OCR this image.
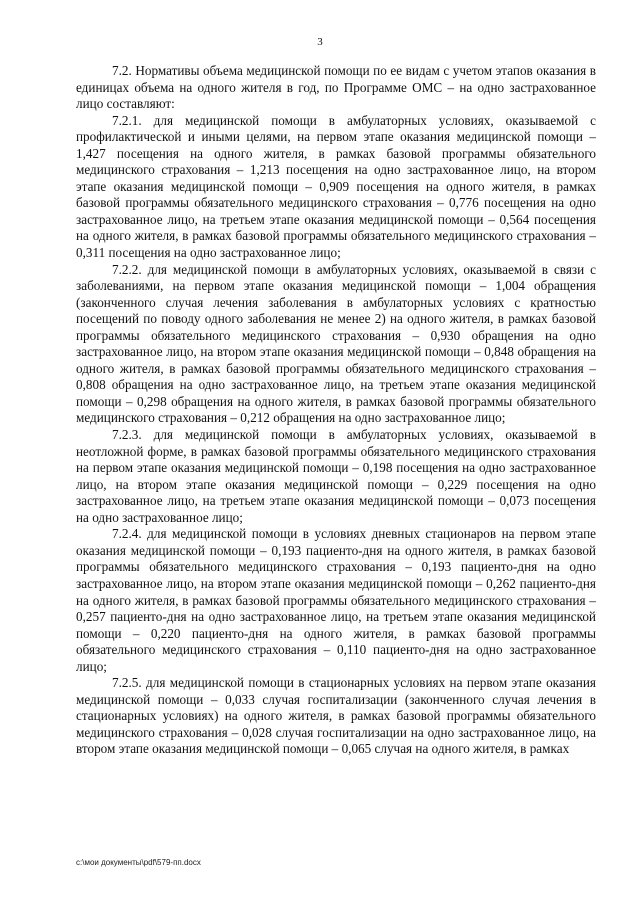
3

7.2. Нормативы объема медицинской помощи по ее видам с учетом этапов оказания в единицах объема на одного жителя в год, по Программе ОМС – на одно застрахованное лицо составляют:

7.2.1. для медицинской помощи в амбулаторных условиях, оказываемой с профилактической и иными целями, на первом этапе оказания медицинской помощи – 1,427 посещения на одного жителя, в рамках базовой программы обязательного медицинского страхования – 1,213 посещения на одно застрахованное лицо, на втором этапе оказания медицинской помощи – 0,909 посещения на одного жителя, в рамках базовой программы обязательного медицинского страхования – 0,776 посещения на одно застрахованное лицо, на третьем этапе оказания медицинской помощи – 0,564 посещения на одного жителя, в рамках базовой программы обязательного медицинского страхования – 0,311 посещения на одно застрахованное лицо;

7.2.2. для медицинской помощи в амбулаторных условиях, оказываемой в связи с заболеваниями, на первом этапе оказания медицинской помощи – 1,004 обращения (законченного случая лечения заболевания в амбулаторных условиях с кратностью посещений по поводу одного заболевания не менее 2) на одного жителя, в рамках базовой программы обязательного медицинского страхования – 0,930 обращения на одно застрахованное лицо, на втором этапе оказания медицинской помощи – 0,848 обращения на одного жителя, в рамках базовой программы обязательного медицинского страхования – 0,808 обращения на одно застрахованное лицо, на третьем этапе оказания медицинской помощи – 0,298 обращения на одного жителя, в рамках базовой программы обязательного медицинского страхования – 0,212 обращения на одно застрахованное лицо;

7.2.3. для медицинской помощи в амбулаторных условиях, оказываемой в неотложной форме, в рамках базовой программы обязательного медицинского страхования на первом этапе оказания медицинской помощи – 0,198 посещения на одно застрахованное лицо, на втором этапе оказания медицинской помощи – 0,229 посещения на одно застрахованное лицо, на третьем этапе оказания медицинской помощи – 0,073 посещения на одно застрахованное лицо;

7.2.4. для медицинской помощи в условиях дневных стационаров на первом этапе оказания медицинской помощи – 0,193 пациенто-дня на одного жителя, в рамках базовой программы обязательного медицинского страхования – 0,193 пациенто-дня на одно застрахованное лицо, на втором этапе оказания медицинской помощи – 0,262 пациенто-дня на одного жителя, в рамках базовой программы обязательного медицинского страхования – 0,257 пациенто-дня на одно застрахованное лицо, на третьем этапе оказания медицинской помощи – 0,220 пациенто-дня на одного жителя, в рамках базовой программы обязательного медицинского страхования – 0,110 пациенто-дня на одно застрахованное лицо;

7.2.5. для медицинской помощи в стационарных условиях на первом этапе оказания медицинской помощи – 0,033 случая госпитализации (законченного случая лечения в стационарных условиях) на одного жителя, в рамках базовой программы обязательного медицинского страхования – 0,028 случая госпитализации на одно застрахованное лицо, на втором этапе оказания медицинской помощи – 0,065 случая на одного жителя, в рамках

c:\мои документы\pdf\579-пп.docx
